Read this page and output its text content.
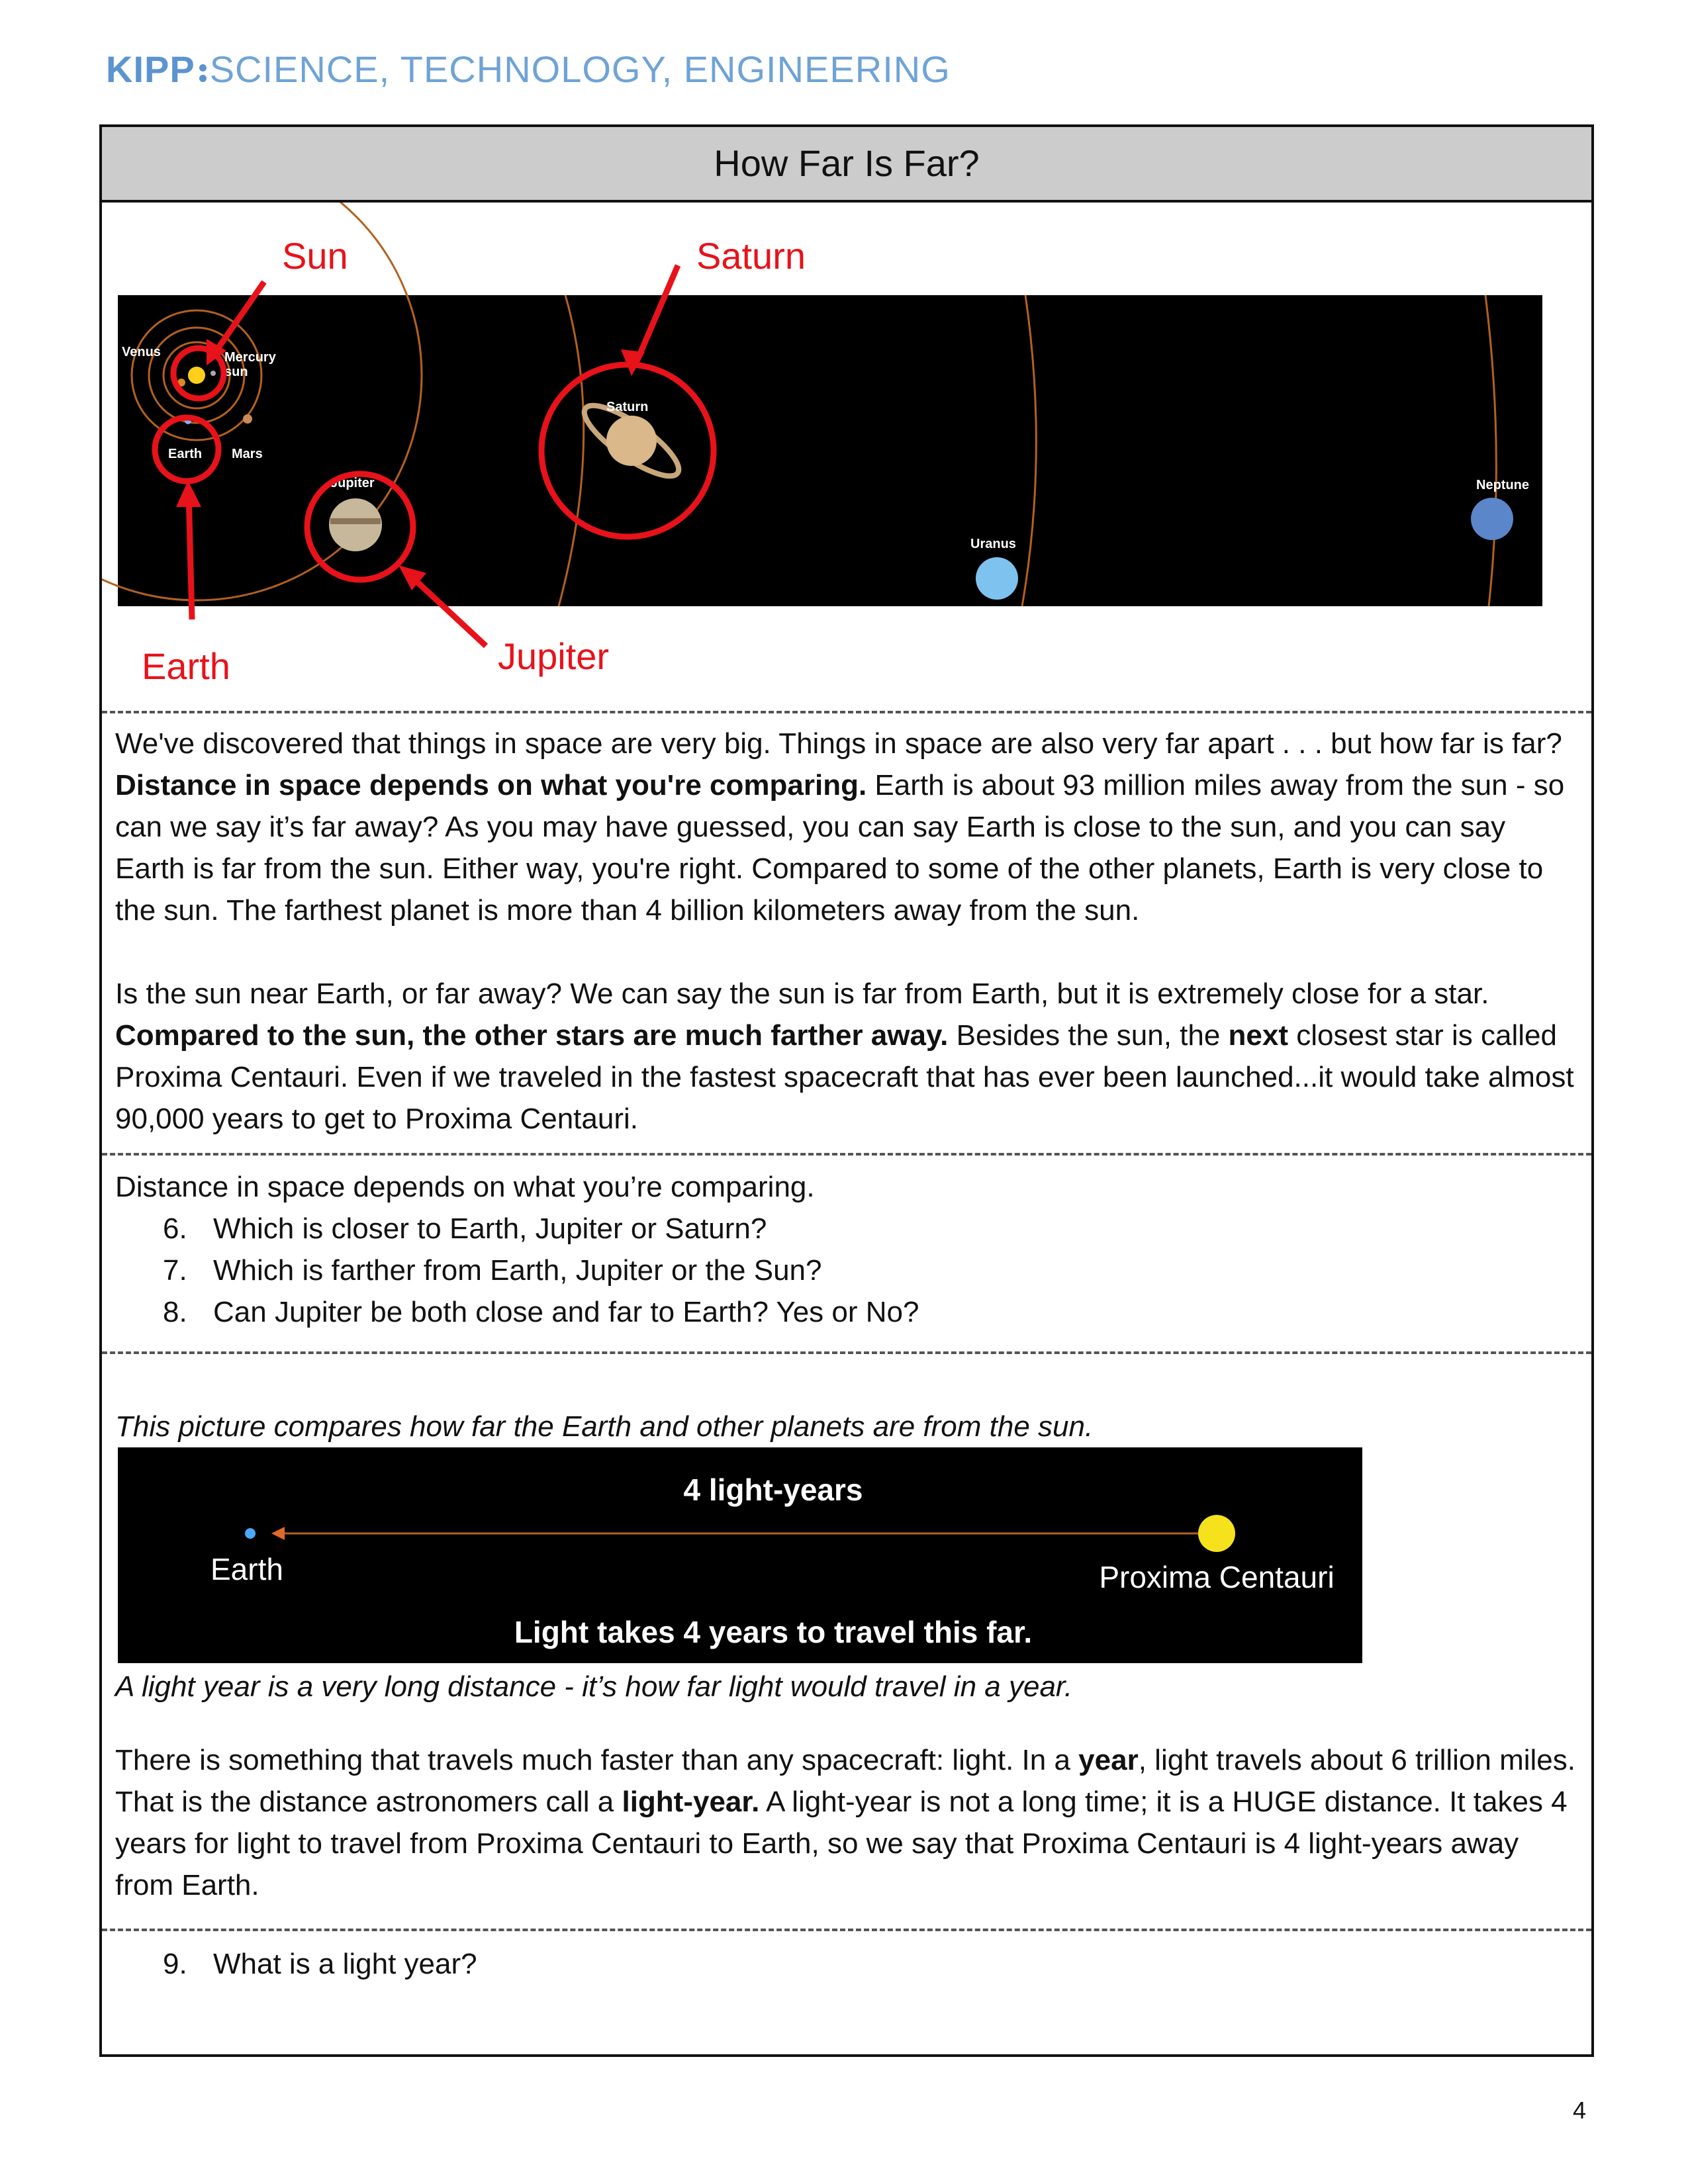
KIPP SCIENCE, TECHNOLOGY, ENGINEERING
How Far Is Far?
Venus	Mercury
sun
Earth Mars
Jupiter
Saturn
Uranus
Neptune
Sun	Saturn
Earth	Jupiter

We've discovered that things in space are very big. Things in space are also very far apart . . . but how far is far? Distance in space depends on what you're comparing. Earth is about 93 million miles away from the sun - so can we say it’s far away? As you may have guessed, you can say Earth is close to the sun, and you can say Earth is far from the sun. Either way, you're right. Compared to some of the other planets, Earth is very close to the sun. The farthest planet is more than 4 billion kilometers away from the sun.

Is the sun near Earth, or far away? We can say the sun is far from Earth, but it is extremely close for a star. Compared to the sun, the other stars are much farther away. Besides the sun, the next closest star is called Proxima Centauri. Even if we traveled in the fastest spacecraft that has ever been launched...it would take almost 90,000 years to get to Proxima Centauri.

Distance in space depends on what you’re comparing.

6. Which is closer to Earth, Jupiter or Saturn?

7. Which is farther from Earth, Jupiter or the Sun?

8. Can Jupiter be both close and far to Earth? Yes or No?

This picture compares how far the Earth and other planets are from the sun.

4 light-years
Earth	Proxima Centauri
Light takes 4 years to travel this far.

A light year is a very long distance - it’s how far light would travel in a year.

There is something that travels much faster than any spacecraft: light. In a year, light travels about 6 trillion miles. That is the distance astronomers call a light-year. A light-year is not a long time; it is a HUGE distance. It takes 4 years for light to travel from Proxima Centauri to Earth, so we say that Proxima Centauri is 4 light-years away from Earth.

9. What is a light year?

4
